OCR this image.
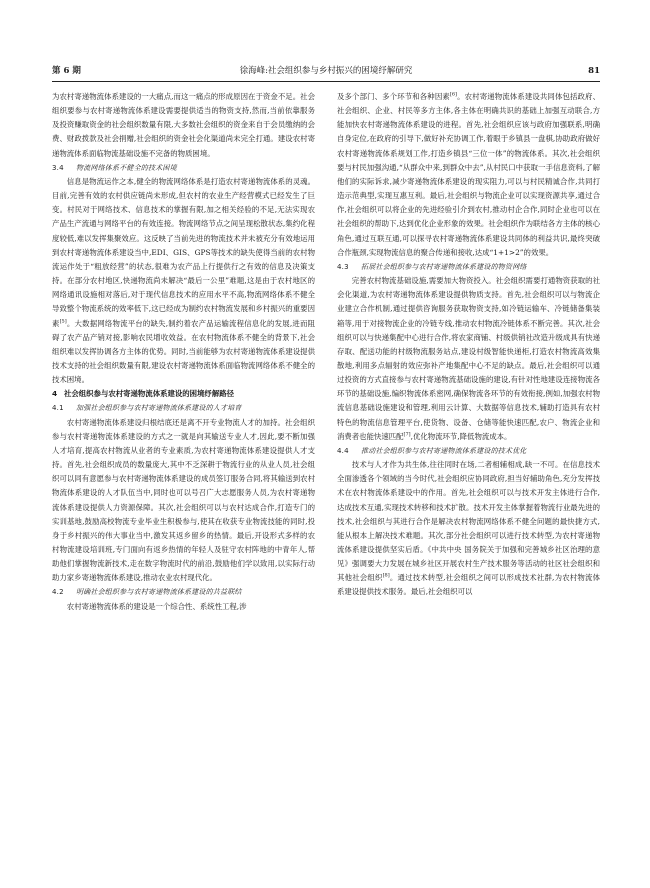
第 6 期	徐海峰:社会组织参与乡村振兴的困境纾解研究	81

为农村寄递物流体系建设的一大痛点,而这一痛点的形成原因在于资金不足。社会组织要参与农村寄递物流体系建设需要提供适当的物资支持,然而,当前依靠服务及投资赚取资金的社会组织数量有限,大多数社会组织的资金来自于会员缴纳的会费、财政拨款及社会捐赠,社会组织的资金社会化渠道尚未完全打通。建设农村寄递物流体系面临物流基础设施不完备的物质困境。

3.4 物流网络体系不健全的技术困境

信息是物流运作之本,健全的物流网络体系是打造农村寄递物流体系的灵魂。目前,完善有效的农村供应链尚未形成,但农村的农业生产经营模式已经发生了巨变。村民对于网络技术、信息技术的掌握有限,加之相关经验的不足,无法实现农产品生产流通与网络平台的有效连接。物流网络节点之间呈现松散状态,集约化程度较低,难以发挥集聚效应。这反映了当前先进的物流技术并未被充分有效地运用到农村寄递物流体系建设当中,EDI、GIS、GPS等技术的缺失使得当前的农村物流运作处于“粗放经营”的状态,很难为农产品上行提供行之有效的信息及决策支持。在部分农村地区,快递物流尚未解决“最后一公里”难题,这是由于农村地区的网络通讯设施相对落后,对于现代信息技术的应用水平不高,物流网络体系不健全导致整个物流系统的效率低下,这已经成为制约农村物流发展和乡村振兴的重要因素[5]。大数据网络物流平台的缺失,制约着农产品运输流程信息化的发展,进而阻碍了农产品产销对接,影响农民增收效益。在农村物流体系不健全的背景下,社会组织难以发挥协调各方主体的优势。同时,当前能够为农村寄递物流体系建设提供技术支持的社会组织数量有限,建设农村寄递物流体系面临物流网络体系不健全的技术困境。

4 社会组织参与农村寄递物流体系建设的困境纾解路径
4.1 加强社会组织参与农村寄递物流体系建设的人才培育

农村寄递物流体系建设归根结底还是离不开专业物流人才的加持。社会组织参与农村寄递物流体系建设的方式之一就是向其输送专业人才,因此,要不断加强人才培育,提高农村物流从业者的专业素质,为农村寄递物流体系建设提供人才支持。首先,社会组织成员的数量庞大,其中不乏深耕于物流行业的从业人员,社会组织可以同有意愿参与农村寄递物流体系建设的成员签订服务合同,将其输送到农村物流体系建设的人才队伍当中,同时也可以号召广大志愿服务人员,为农村寄递物流体系建设提供人力资源保障。其次,社会组织可以与农村达成合作,打造专门的实训基地,鼓励高校物流专业毕业生积极参与,使其在收获专业物流技能的同时,投身于乡村振兴的伟大事业当中,激发其返乡留乡的热情。最后,开设形式多样的农村物流建设培训班,专门面向有返乡热情的年轻人及驻守农村阵地的中青年人,帮助他们掌握物流新技术,走在数字物流时代的前沿,鼓励他们学以致用,以实际行动助力家乡寄递物流体系建设,推动农业农村现代化。

4.2 明确社会组织参与农村寄递物流体系建设的共益联结

农村寄递物流体系的建设是一个综合性、系统性工程,涉

及多个部门、多个环节和各种因素[6]。农村寄递物流体系建设共同体包括政府、社会组织、企业、村民等多方主体,各主体在明确共识的基础上加强互动联合,方能加快农村寄递物流体系建设的进程。首先,社会组织应该与政府加强联系,明确自身定位,在政府的引导下,做好补充协调工作,着眼于乡镇县一盘棋,协助政府做好农村寄递物流体系规划工作,打造乡镇县“三位一体”的物流体系。其次,社会组织要与村民加强沟通,“从群众中来,到群众中去”,从村民口中获取一手信息资料,了解他们的实际诉求,减少寄递物流体系建设的现实阻力,可以与村民精诚合作,共同打造示范典型,实现互惠互利。最后,社会组织与物流企业可以实现资源共享,通过合作,社会组织可以将企业的先进经验引介到农村,推动村企合作,同时企业也可以在社会组织的帮助下,达到优化企业形象的效果。社会组织作为联结各方主体的核心角色,通过互联互通,可以探寻农村寄递物流体系建设共同体的利益共识,最终突破合作瓶颈,实现物流信息的聚合传递和接收,达成“1+1>2”的效果。

4.3 拓展社会组织参与农村寄递物流体系建设的物资网络

完善农村物流基础设施,需要加大物资投入。社会组织需要打通物资获取的社会化渠道,为农村寄递物流体系建设提供物质支持。首先,社会组织可以与物流企业建立合作机制,通过提供咨询服务获取物资支持,如冷链运输车、冷链储备集装箱等,用于对接物流企业的冷链专线,推动农村物流冷链体系不断完善。其次,社会组织可以与快递集配中心进行合作,将农家商铺、村级供销社改造升级成具有快递存取、配送功能的村级物流服务站点,建设村级智能快递柜,打造农村物流高效集散地,利用多点辐射的效应弥补产地集配中心不足的缺点。最后,社会组织可以通过投资的方式直接参与农村寄递物流基础设施的建设,有针对性地建设连接物流各环节的基础设施,编织物流体系密网,确保物流各环节的有效衔接,例如,加强农村物流信息基础设施建设和管理,利用云计算、大数据等信息技术,辅助打造具有农村特色的物流信息管理平台,使货物、设备、仓储等能快速匹配,农户、物流企业和消费者也能快速匹配[7],优化物流环节,降低物流成本。

4.4 推动社会组织参与农村寄递物流体系建设的技术优化

技术与人才作为共生体,往往同时在场,二者相辅相成,缺一不可。在信息技术全面渗透各个领域的当今时代,社会组织应协同政府,担当好辅助角色,充分发挥技术在农村物流体系建设中的作用。首先,社会组织可以与技术开发主体进行合作,达成技术互通,实现技术转移和技术扩散。技术开发主体掌握着物流行业最先进的技术,社会组织与其进行合作是解决农村物流网络体系不健全问题的最快捷方式,能从根本上解决技术难题。其次,部分社会组织可以进行技术转型,为农村寄递物流体系建设提供坚实后盾。《中共中央 国务院关于加强和完善城乡社区治理的意见》强调要大力发展在城乡社区开展农村生产技术服务等活动的社区社会组织和其他社会组织[8]。通过技术转型,社会组织之间可以形成技术社群,为农村物流体系建设提供技术服务。最后,社会组织可以
